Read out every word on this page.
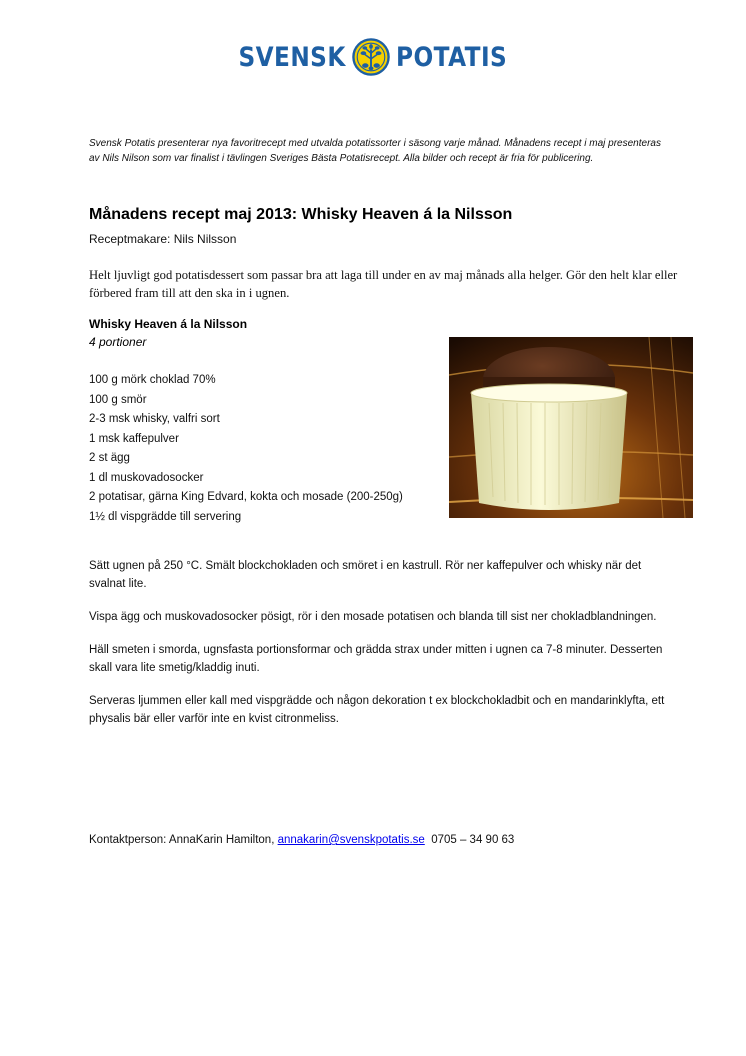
SVENSK POTATIS
Svensk Potatis presenterar nya favoritrecept med utvalda potatissorter i säsong varje månad. Månadens recept i maj presenteras av Nils Nilson som var finalist i tävlingen Sveriges Bästa Potatisrecept. Alla bilder och recept är fria för publicering.
Månadens recept maj 2013: Whisky Heaven á la Nilsson
Receptmakare: Nils Nilsson
Helt ljuvligt god potatisdessert som passar bra att laga till under en av maj månads alla helger. Gör den helt klar eller förbered fram till att den ska in i ugnen.
Whisky Heaven á la Nilsson
4 portioner
100 g mörk choklad 70%
100 g smör
2-3 msk whisky, valfri sort
1 msk kaffepulver
2 st ägg
1 dl muskovadosocker
2 potatisar, gärna King Edvard, kokta och mosade (200-250g)
1½ dl vispgrädde till servering

Sätt ugnen på 250 °C. Smält blockchokladen och smöret i en kastrull. Rör ner kaffepulver och whisky när det svalnat lite.

Vispa ägg och muskovadosocker pösigt, rör i den mosade potatisen och blanda till sist ner chokladblandningen.

Häll smeten i smorda, ugnsfasta portionsformar och grädda strax under mitten i ugnen ca 7-8 minuter. Desserten skall vara lite smetig/kladdig inuti.

Serveras ljummen eller kall med vispgrädde och någon dekoration t ex blockchokladbit och en mandarinklyfta, ett physalis bär eller varför inte en kvist citronmeliss.

Kontaktperson: AnnaKarin Hamilton, annakarin@svenskpotatis.se 0705 – 34 90 63
